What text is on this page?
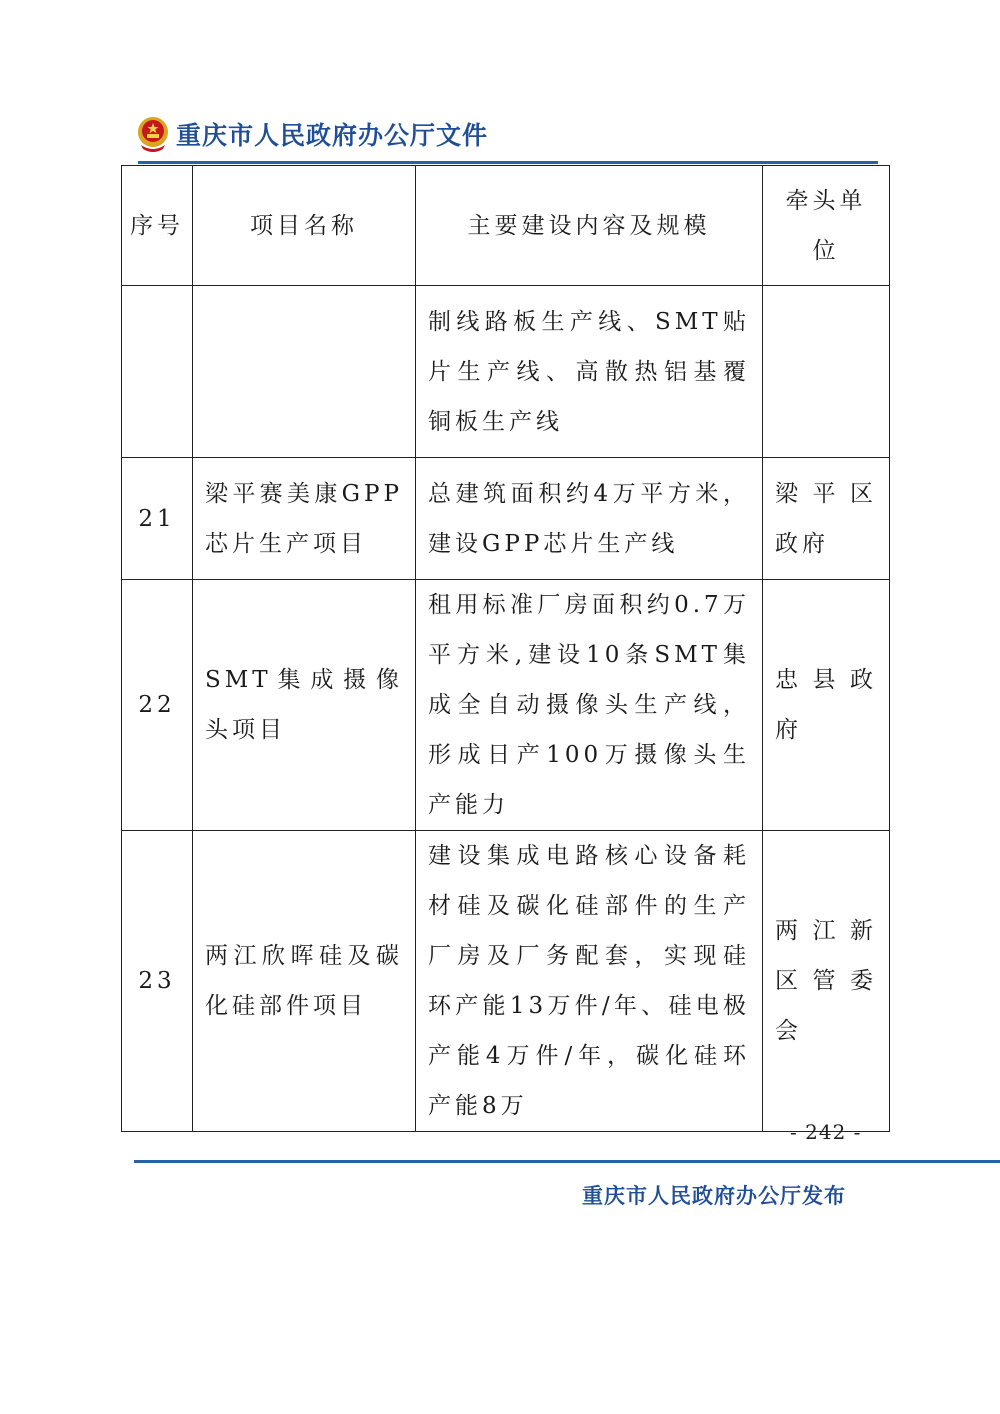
重庆市人民政府办公厅文件
序号	项目名称	主要建设内容及规模	牵头单位
		制线路板生产线、SMT贴片生产线、高散热铝基覆铜板生产线	
21	梁平赛美康GPP芯片生产项目	总建筑面积约4万平方米，建设GPP芯片生产线	梁平区政府
22	SMT集成摄像头项目	租用标准厂房面积约0.7万平方米,建设10条SMT集成全自动摄像头生产线，形成日产100万摄像头生产能力	忠县政府
23	两江欣晖硅及碳化硅部件项目	建设集成电路核心设备耗材硅及碳化硅部件的生产厂房及厂务配套，实现硅环产能13万件/年、硅电极产能4万件/年，碳化硅环产能8万	两江新区管委会
- 242 -
重庆市人民政府办公厅发布
